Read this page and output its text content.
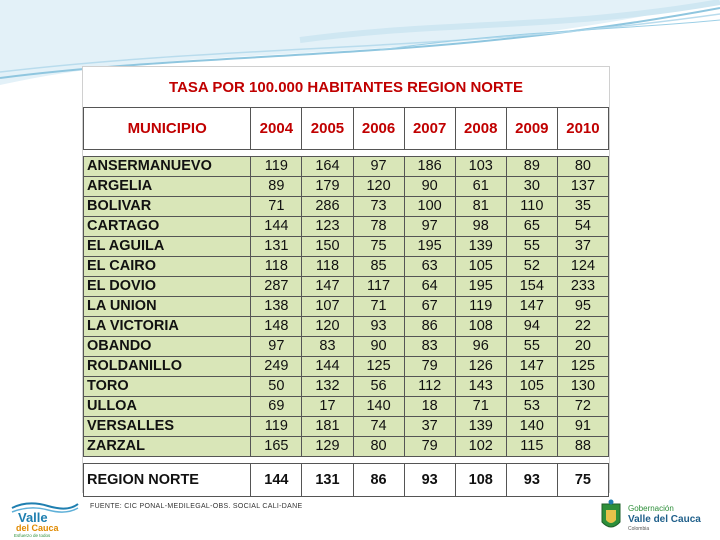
TASA POR 100.000 HABITANTES REGION NORTE
MUNICIPIO	2004	2005	2006	2007	2008	2009	2010

ANSERMANUEVO	119	164	97	186	103	89	80
ARGELIA	89	179	120	90	61	30	137
BOLIVAR	71	286	73	100	81	110	35
CARTAGO	144	123	78	97	98	65	54
EL AGUILA	131	150	75	195	139	55	37
EL CAIRO	118	118	85	63	105	52	124
EL DOVIO	287	147	117	64	195	154	233
LA UNION	138	107	71	67	119	147	95
LA VICTORIA	148	120	93	86	108	94	22
OBANDO	97	83	90	83	96	55	20
ROLDANILLO	249	144	125	79	126	147	125
TORO	50	132	56	112	143	105	130
ULLOA	69	17	140	18	71	53	72
VERSALLES	119	181	74	37	139	140	91
ZARZAL	165	129	80	79	102	115	88

REGION NORTE	144	131	86	93	108	93	75
FUENTE: CIC PONAL-MEDILEGAL-OBS. SOCIAL CALI-DANE
Valle
del Cauca
Esfuerzo de todos
Gobernación
Valle del Cauca
Colombia
